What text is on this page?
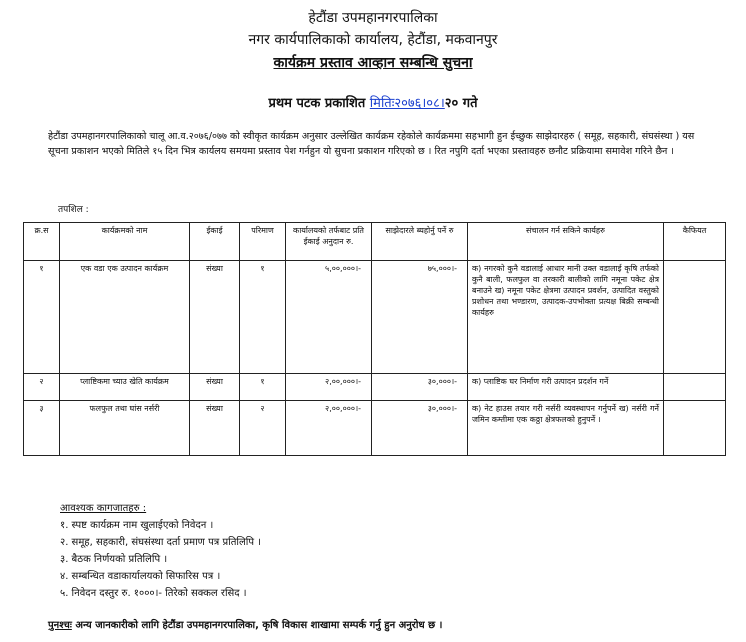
हेटौंडा उपमहानगरपालिका
नगर कार्यपालिकाको कार्यालय, हेटौंडा, मकवानपुर
कार्यक्रम प्रस्ताव आव्हान सम्बन्धि सुचना
प्रथम पटक प्रकाशित मितिः२०७६।०८।२० गते
हेटौंडा उपमहानगरपालिकाको चालू आ.व.२०७६/०७७ को स्वीकृत कार्यक्रम अनुसार उल्लेखित कार्यक्रम रहेकोले कार्यक्रममा सहभागी हुन ईच्छुक साझेदारहरु ( समूह, सहकारी, संघसंस्था ) यस सूचना प्रकाशन भएको मितिले १५ दिन भित्र कार्यलय समयमा प्रस्ताव पेश गर्नहुन यो सुचना प्रकाशन गरिएको छ । रित नपुगि दर्ता भएका प्रस्तावहरु छनौट प्रक्रियामा समावेश गरिने छैन ।
तपशिल :
क्र.स	कार्यक्रमको नाम	ईकाई	परिमाण	कार्यालयको तर्फबाट प्रति ईकाई अनुदान रु.	साझेदारले ब्यहोर्नु पर्ने रु	संचालन गर्न सकिने कार्यहरु	कैफियत
१	एक वडा एक उत्पादन कार्यक्रम	संख्या	१	५,००,०००।-	७५,०००।-	क) नगरको कुनै वडालाई आधार मानी उक्त वडालाई कृषि तर्फको कुनै बाली, फलफुल वा तरकारी बालीको लागि नमूना पकेट क्षेत्र बनाउने ख) नमूना पकेट क्षेत्रमा उत्पादन प्रवर्शन, उत्पादित वस्तुको प्रशोधन तथा भण्डारण, उत्पादक-उपभोक्ता प्रत्यक्ष बिक्री सम्बन्धी कार्यहरु	
२	प्लाष्टिकमा च्याउ खेति कार्यक्रम	संख्या	१	२,००,०००।-	३०,०००।-	क) प्लाष्टिक घर निर्माण गरी उत्पादन प्रदर्शन गर्ने	
३	फलफुल तथा घांस नर्सरी	संख्या	२	२,००,०००।-	३०,०००।-	क) नेट हाउस तयार गरी नर्सरी व्यवस्थापन गर्नुपर्ने ख) नर्सरी गर्ने जमिन कम्तीमा एक कठ्ठा क्षेत्रफलको हुनुपर्ने ।	
आवश्यक कागजातहरु :
१. स्पष्ट कार्यक्रम नाम खुलाईएको निवेदन ।
२. समूह, सहकारी, संघसंस्था दर्ता प्रमाण पत्र प्रतिलिपि ।
३. बैठक निर्णयको प्रतिलिपि ।
४. सम्बन्धित वडाकार्यालयको सिफारिस पत्र ।
५. निवेदन दस्तुर रु. १०००।- तिरेको सक्कल रसिद ।
पुनश्चः अन्य जानकारीको लागि हेटौंडा उपमहानगरपालिका, कृषि विकास शाखामा सम्पर्क गर्नु हुन अनुरोध छ ।
